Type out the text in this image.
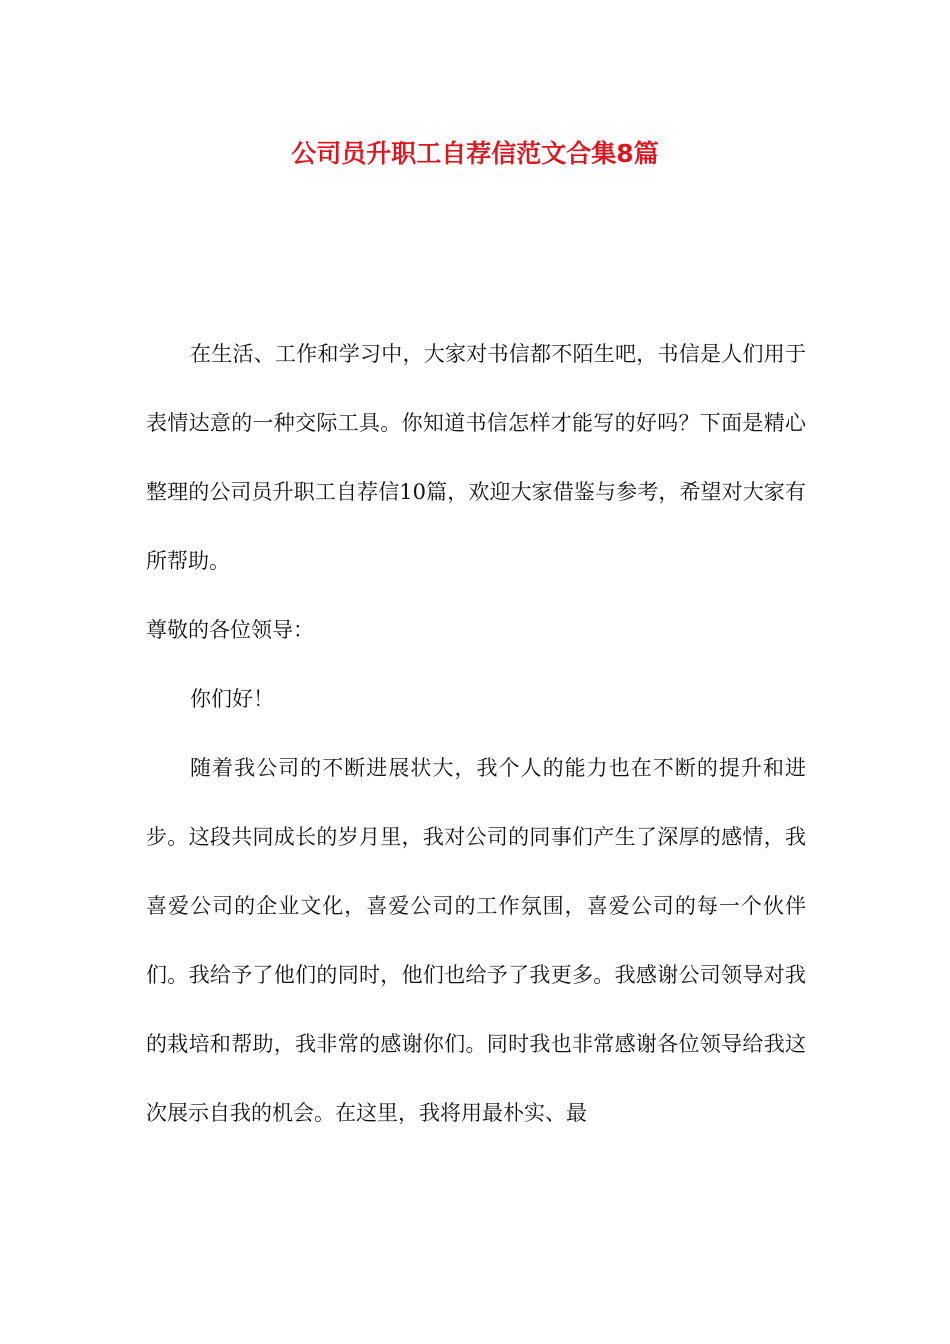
公司员升职工自荐信范文合集8篇

在生活、工作和学习中，大家对书信都不陌生吧，书信是人们用于表情达意的一种交际工具。你知道书信怎样才能写的好吗？下面是精心整理的公司员升职工自荐信10篇，欢迎大家借鉴与参考，希望对大家有所帮助。

尊敬的各位领导：

你们好！

随着我公司的不断进展状大，我个人的能力也在不断的提升和进步。这段共同成长的岁月里，我对公司的同事们产生了深厚的感情，我喜爱公司的企业文化，喜爱公司的工作氛围，喜爱公司的每一个伙伴们。我给予了他们的同时，他们也给予了我更多。我感谢公司领导对我的栽培和帮助，我非常的感谢你们。同时我也非常感谢各位领导给我这次展示自我的机会。在这里，我将用最朴实、最
